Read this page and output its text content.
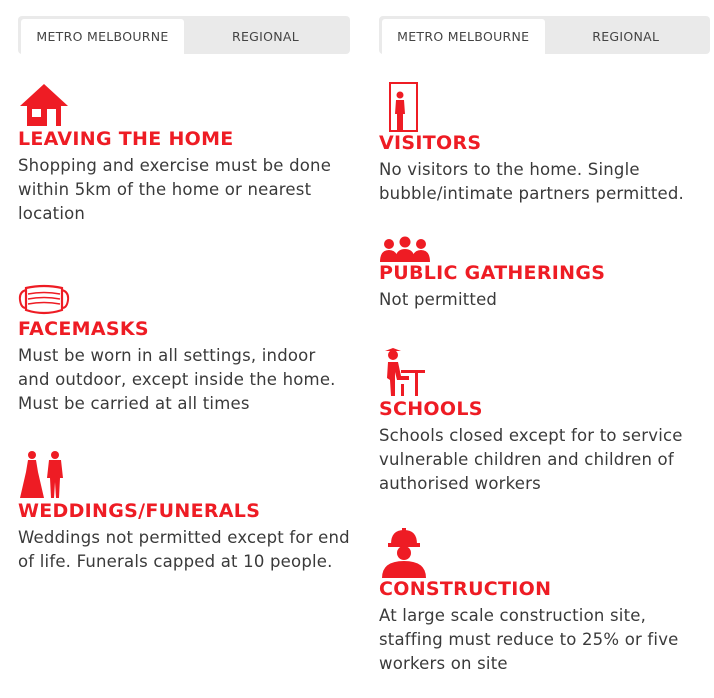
METRO MELBOURNE	REGIONAL
LEAVING THE HOME

Shopping and exercise must be done within 5km of the home or nearest location

FACEMASKS

Must be worn in all settings, indoor and outdoor, except inside the home. Must be carried at all times

WEDDINGS/FUNERALS

Weddings not permitted except for end of life. Funerals capped at 10 people.

METRO MELBOURNE	REGIONAL
VISITORS

No visitors to the home. Single bubble/intimate partners permitted.

PUBLIC GATHERINGS

Not permitted

SCHOOLS

Schools closed except for to service vulnerable children and children of authorised workers

CONSTRUCTION

At large scale construction site, staffing must reduce to 25% or five workers on site
